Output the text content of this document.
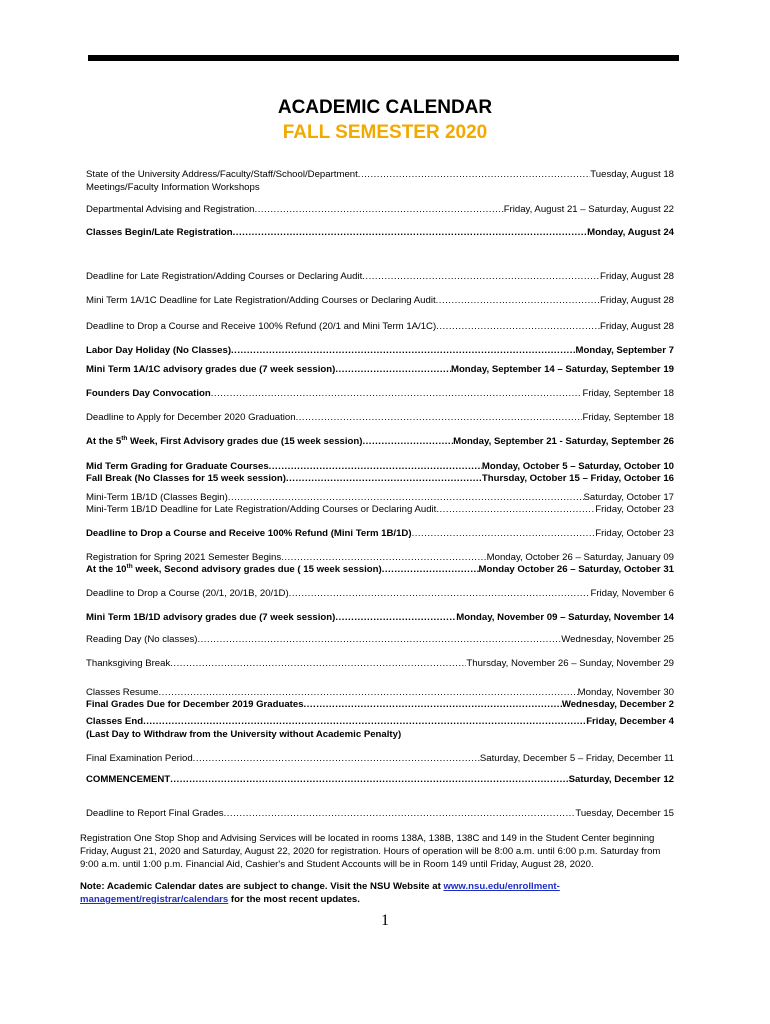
ACADEMIC CALENDAR
FALL SEMESTER 2020
State of the University Address/Faculty/Staff/School/Department .....	Tuesday, August 18
Meetings/Faculty Information Workshops
Departmental Advising and Registration .....	Friday, August 21 – Saturday, August 22
Classes Begin/Late Registration .....	Monday, August 24
Deadline for Late Registration/Adding Courses or Declaring Audit .....	Friday, August 28
Mini Term 1A/1C Deadline for Late Registration/Adding Courses or Declaring Audit .....	Friday, August 28
Deadline to Drop a Course and Receive 100% Refund (20/1 and Mini Term 1A/1C) .....	Friday, August 28
Labor Day Holiday (No Classes) .....	Monday, September 7
Mini Term 1A/1C advisory grades due (7 week session) .....	Monday, September 14 – Saturday, September 19
Founders Day Convocation .....	Friday, September 18
Deadline to Apply for December 2020 Graduation .....	Friday, September 18
At the 5th Week, First Advisory grades due (15 week session) .....	Monday, September 21 - Saturday, September 26
Mid Term Grading for Graduate Courses .....	Monday, October 5 – Saturday, October 10
Fall Break (No Classes for 15 week session) .....	Thursday, October 15 – Friday, October 16
Mini-Term 1B/1D (Classes Begin) .....	Saturday, October 17
Mini-Term 1B/1D Deadline for Late Registration/Adding Courses or Declaring Audit .....	Friday, October 23
Deadline to Drop a Course and Receive 100% Refund (Mini Term 1B/1D) .....	Friday, October 23
Registration for Spring 2021 Semester Begins .....	Monday, October 26 – Saturday, January 09
At the 10th week, Second advisory grades due ( 15 week session) .....	Monday October 26 – Saturday, October 31
Deadline to Drop a Course (20/1, 20/1B, 20/1D) .....	Friday, November 6
Mini Term 1B/1D advisory grades due (7 week session) .....	Monday, November 09 – Saturday, November 14
Reading Day (No classes) .....	Wednesday, November 25
Thanksgiving Break .....	Thursday, November 26 – Sunday, November 29
Classes Resume .....	Monday, November 30
Final Grades Due for December 2019 Graduates .....	Wednesday, December 2
Classes End .....	Friday, December 4
(Last Day to Withdraw from the University without Academic Penalty)
Final Examination Period .....	Saturday, December 5 – Friday, December 11
COMMENCEMENT .....	Saturday, December 12
Deadline to Report Final Grades .....	Tuesday, December 15
Registration One Stop Shop and Advising Services will be located in rooms 138A, 138B, 138C and 149 in the Student Center beginning Friday, August 21, 2020 and Saturday, August 22, 2020 for registration. Hours of operation will be 8:00 a.m. until 6:00 p.m. Saturday from 9:00 a.m. until 1:00 p.m. Financial Aid, Cashier's and Student Accounts will be in Room 149 until Friday, August 28, 2020.
Note: Academic Calendar dates are subject to change. Visit the NSU Website at www.nsu.edu/enrollment-management/registrar/calendars for the most recent updates.
1
